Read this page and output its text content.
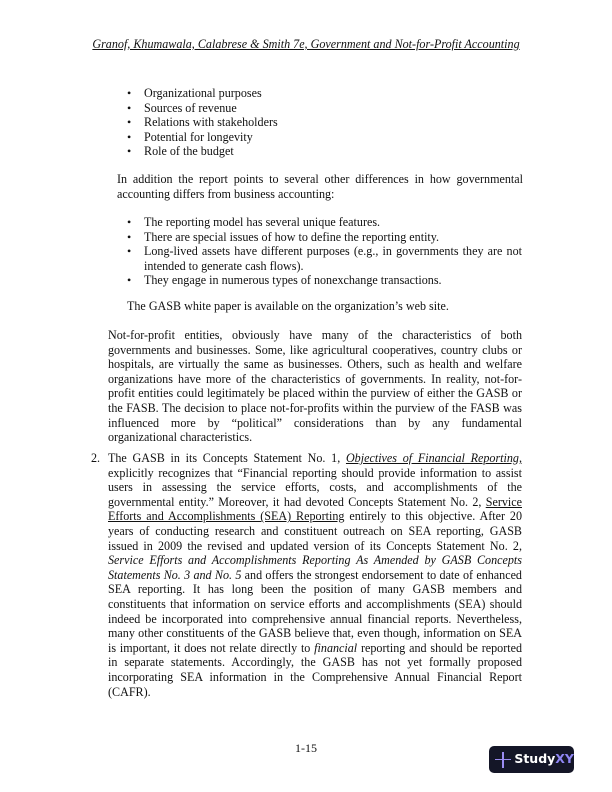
Granof, Khumawala, Calabrese & Smith 7e, Government and Not-for-Profit Accounting
• Organizational purposes
• Sources of revenue
• Relations with stakeholders
• Potential for longevity
• Role of the budget

In addition the report points to several other differences in how governmental accounting differs from business accounting:

• The reporting model has several unique features.
• There are special issues of how to define the reporting entity.
• Long-lived assets have different purposes (e.g., in governments they are not intended to generate cash flows).
• They engage in numerous types of nonexchange transactions.

The GASB white paper is available on the organization’s web site.

Not-for-profit entities, obviously have many of the characteristics of both governments and businesses. Some, like agricultural cooperatives, country clubs or hospitals, are virtually the same as businesses. Others, such as health and welfare organizations have more of the characteristics of governments. In reality, not-for-profit entities could legitimately be placed within the purview of either the GASB or the FASB. The decision to place not-for-profits within the purview of the FASB was influenced more by “political” considerations than by any fundamental organizational characteristics.

2. The GASB in its Concepts Statement No. 1, Objectives of Financial Reporting, explicitly recognizes that “Financial reporting should provide information to assist users in assessing the service efforts, costs, and accomplishments of the governmental entity.” Moreover, it had devoted Concepts Statement No. 2, Service Efforts and Accomplishments (SEA) Reporting entirely to this objective. After 20 years of conducting research and constituent outreach on SEA reporting, GASB issued in 2009 the revised and updated version of its Concepts Statement No. 2, Service Efforts and Accomplishments Reporting As Amended by GASB Concepts Statements No. 3 and No. 5 and offers the strongest endorsement to date of enhanced SEA reporting. It has long been the position of many GASB members and constituents that information on service efforts and accomplishments (SEA) should indeed be incorporated into comprehensive annual financial reports. Nevertheless, many other constituents of the GASB believe that, even though, information on SEA is important, it does not relate directly to financial reporting and should be reported in separate statements. Accordingly, the GASB has not yet formally proposed incorporating SEA information in the Comprehensive Annual Financial Report (CAFR).
1-15
Study XY
